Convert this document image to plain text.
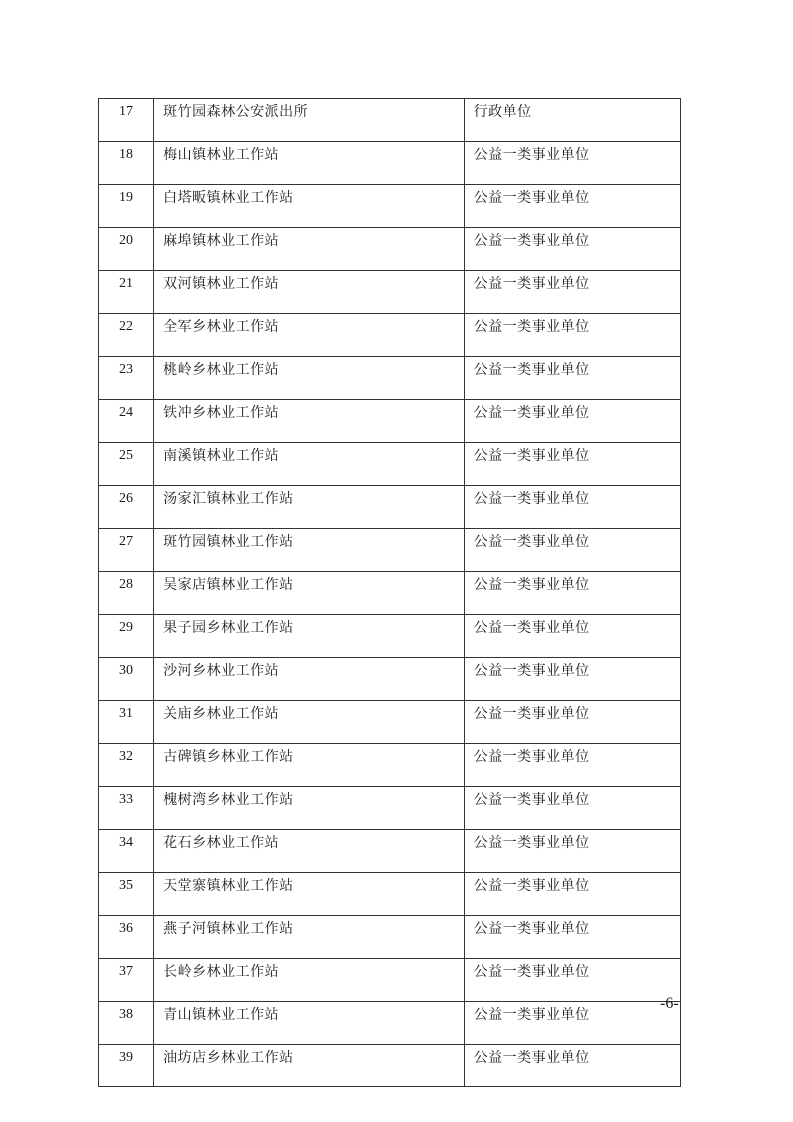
17	斑竹园森林公安派出所	行政单位
18	梅山镇林业工作站	公益一类事业单位
19	白塔畈镇林业工作站	公益一类事业单位
20	麻埠镇林业工作站	公益一类事业单位
21	双河镇林业工作站	公益一类事业单位
22	全军乡林业工作站	公益一类事业单位
23	桃岭乡林业工作站	公益一类事业单位
24	铁冲乡林业工作站	公益一类事业单位
25	南溪镇林业工作站	公益一类事业单位
26	汤家汇镇林业工作站	公益一类事业单位
27	斑竹园镇林业工作站	公益一类事业单位
28	吴家店镇林业工作站	公益一类事业单位
29	果子园乡林业工作站	公益一类事业单位
30	沙河乡林业工作站	公益一类事业单位
31	关庙乡林业工作站	公益一类事业单位
32	古碑镇乡林业工作站	公益一类事业单位
33	槐树湾乡林业工作站	公益一类事业单位
34	花石乡林业工作站	公益一类事业单位
35	天堂寨镇林业工作站	公益一类事业单位
36	燕子河镇林业工作站	公益一类事业单位
37	长岭乡林业工作站	公益一类事业单位
38	青山镇林业工作站	公益一类事业单位
39	油坊店乡林业工作站	公益一类事业单位
-6-
